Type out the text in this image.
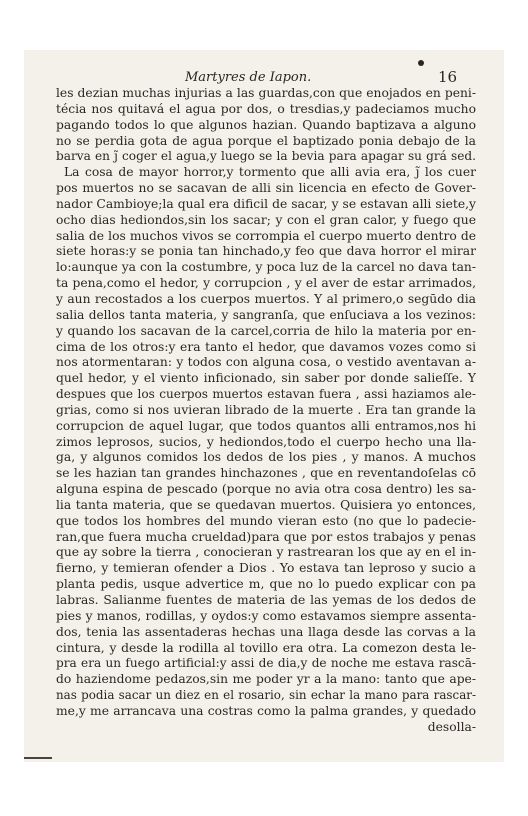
Martyres de Iapon.	16
les dezian muchas injurias a las guardas,con que enojados en peni-
técia nos quitavá el agua por dos, o tresdias,y padeciamos mucho
pagando todos lo que algunos hazian. Quando baptizava a alguno
no se perdia gota de agua porque el baptizado ponia debajo de la
barva en ȷ̃ coger el agua,y luego se la bevia para apagar su grá sed.
La cosa de mayor horror,y tormento que alli avia era, ȷ̃ los cuer
pos muertos no se sacavan de alli sin licencia en efecto de Gover-
nador Cambioye;la qual era dificil de sacar, y se estavan alli siete,y
ocho dias hediondos,sin los sacar; y con el gran calor, y fuego que
salia de los muchos vivos se corrompia el cuerpo muerto dentro de
siete horas:y se ponia tan hinchado,y feo que dava horror el mirar
lo:aunque ya con la costumbre, y poca luz de la carcel no dava tan-
ta pena,como el hedor, y corrupcion , y el aver de estar arrimados,
y aun recostados a los cuerpos muertos. Y al primero,o segūdo dia
salia dellos tanta materia, y sangranſa, que enſuciava a los vezinos:
y quando los sacavan de la carcel,corria de hilo la materia por en-
cima de los otros:y era tanto el hedor, que davamos vozes como si
nos atormentaran: y todos con alguna cosa, o vestido aventavan a-
quel hedor, y el viento inficionado, sin saber por donde salieſſe. Y
despues que los cuerpos muertos estavan fuera , assi haziamos ale-
grias, como si nos uvieran librado de la muerte . Era tan grande la
corrupcion de aquel lugar, que todos quantos alli entramos,nos hi
zimos leprosos, sucios, y hediondos,todo el cuerpo hecho una lla-
ga, y algunos comidos los dedos de los pies , y manos. A muchos
se les hazian tan grandes hinchazones , que en reventandoſelas cō
alguna espina de pescado (porque no avia otra cosa dentro) les sa-
lia tanta materia, que se quedavan muertos. Quisiera yo entonces,
que todos los hombres del mundo vieran esto (no que lo padecie-
ran,que fuera mucha crueldad)para que por estos trabajos y penas
que ay sobre la tierra , conocieran y rastrearan los que ay en el in-
fierno, y temieran ofender a Dios . Yo estava tan leproso y sucio a
planta pedis, usque advertice m, que no lo puedo explicar con pa
labras. Salianme fuentes de materia de las yemas de los dedos de
pies y manos, rodillas, y oydos:y como estavamos siempre assenta-
dos, tenia las assentaderas hechas una llaga desde las corvas a la
cintura, y desde la rodilla al tovillo era otra. La comezon desta le-
pra era un fuego artificial:y assi de dia,y de noche me estava rascā-
do haziendome pedazos,sin me poder yr a la mano: tanto que ape-
nas podia sacar un diez en el rosario, sin echar la mano para rascar-
me,y me arrancava una costras como la palma grandes, y quedado
desolla-
